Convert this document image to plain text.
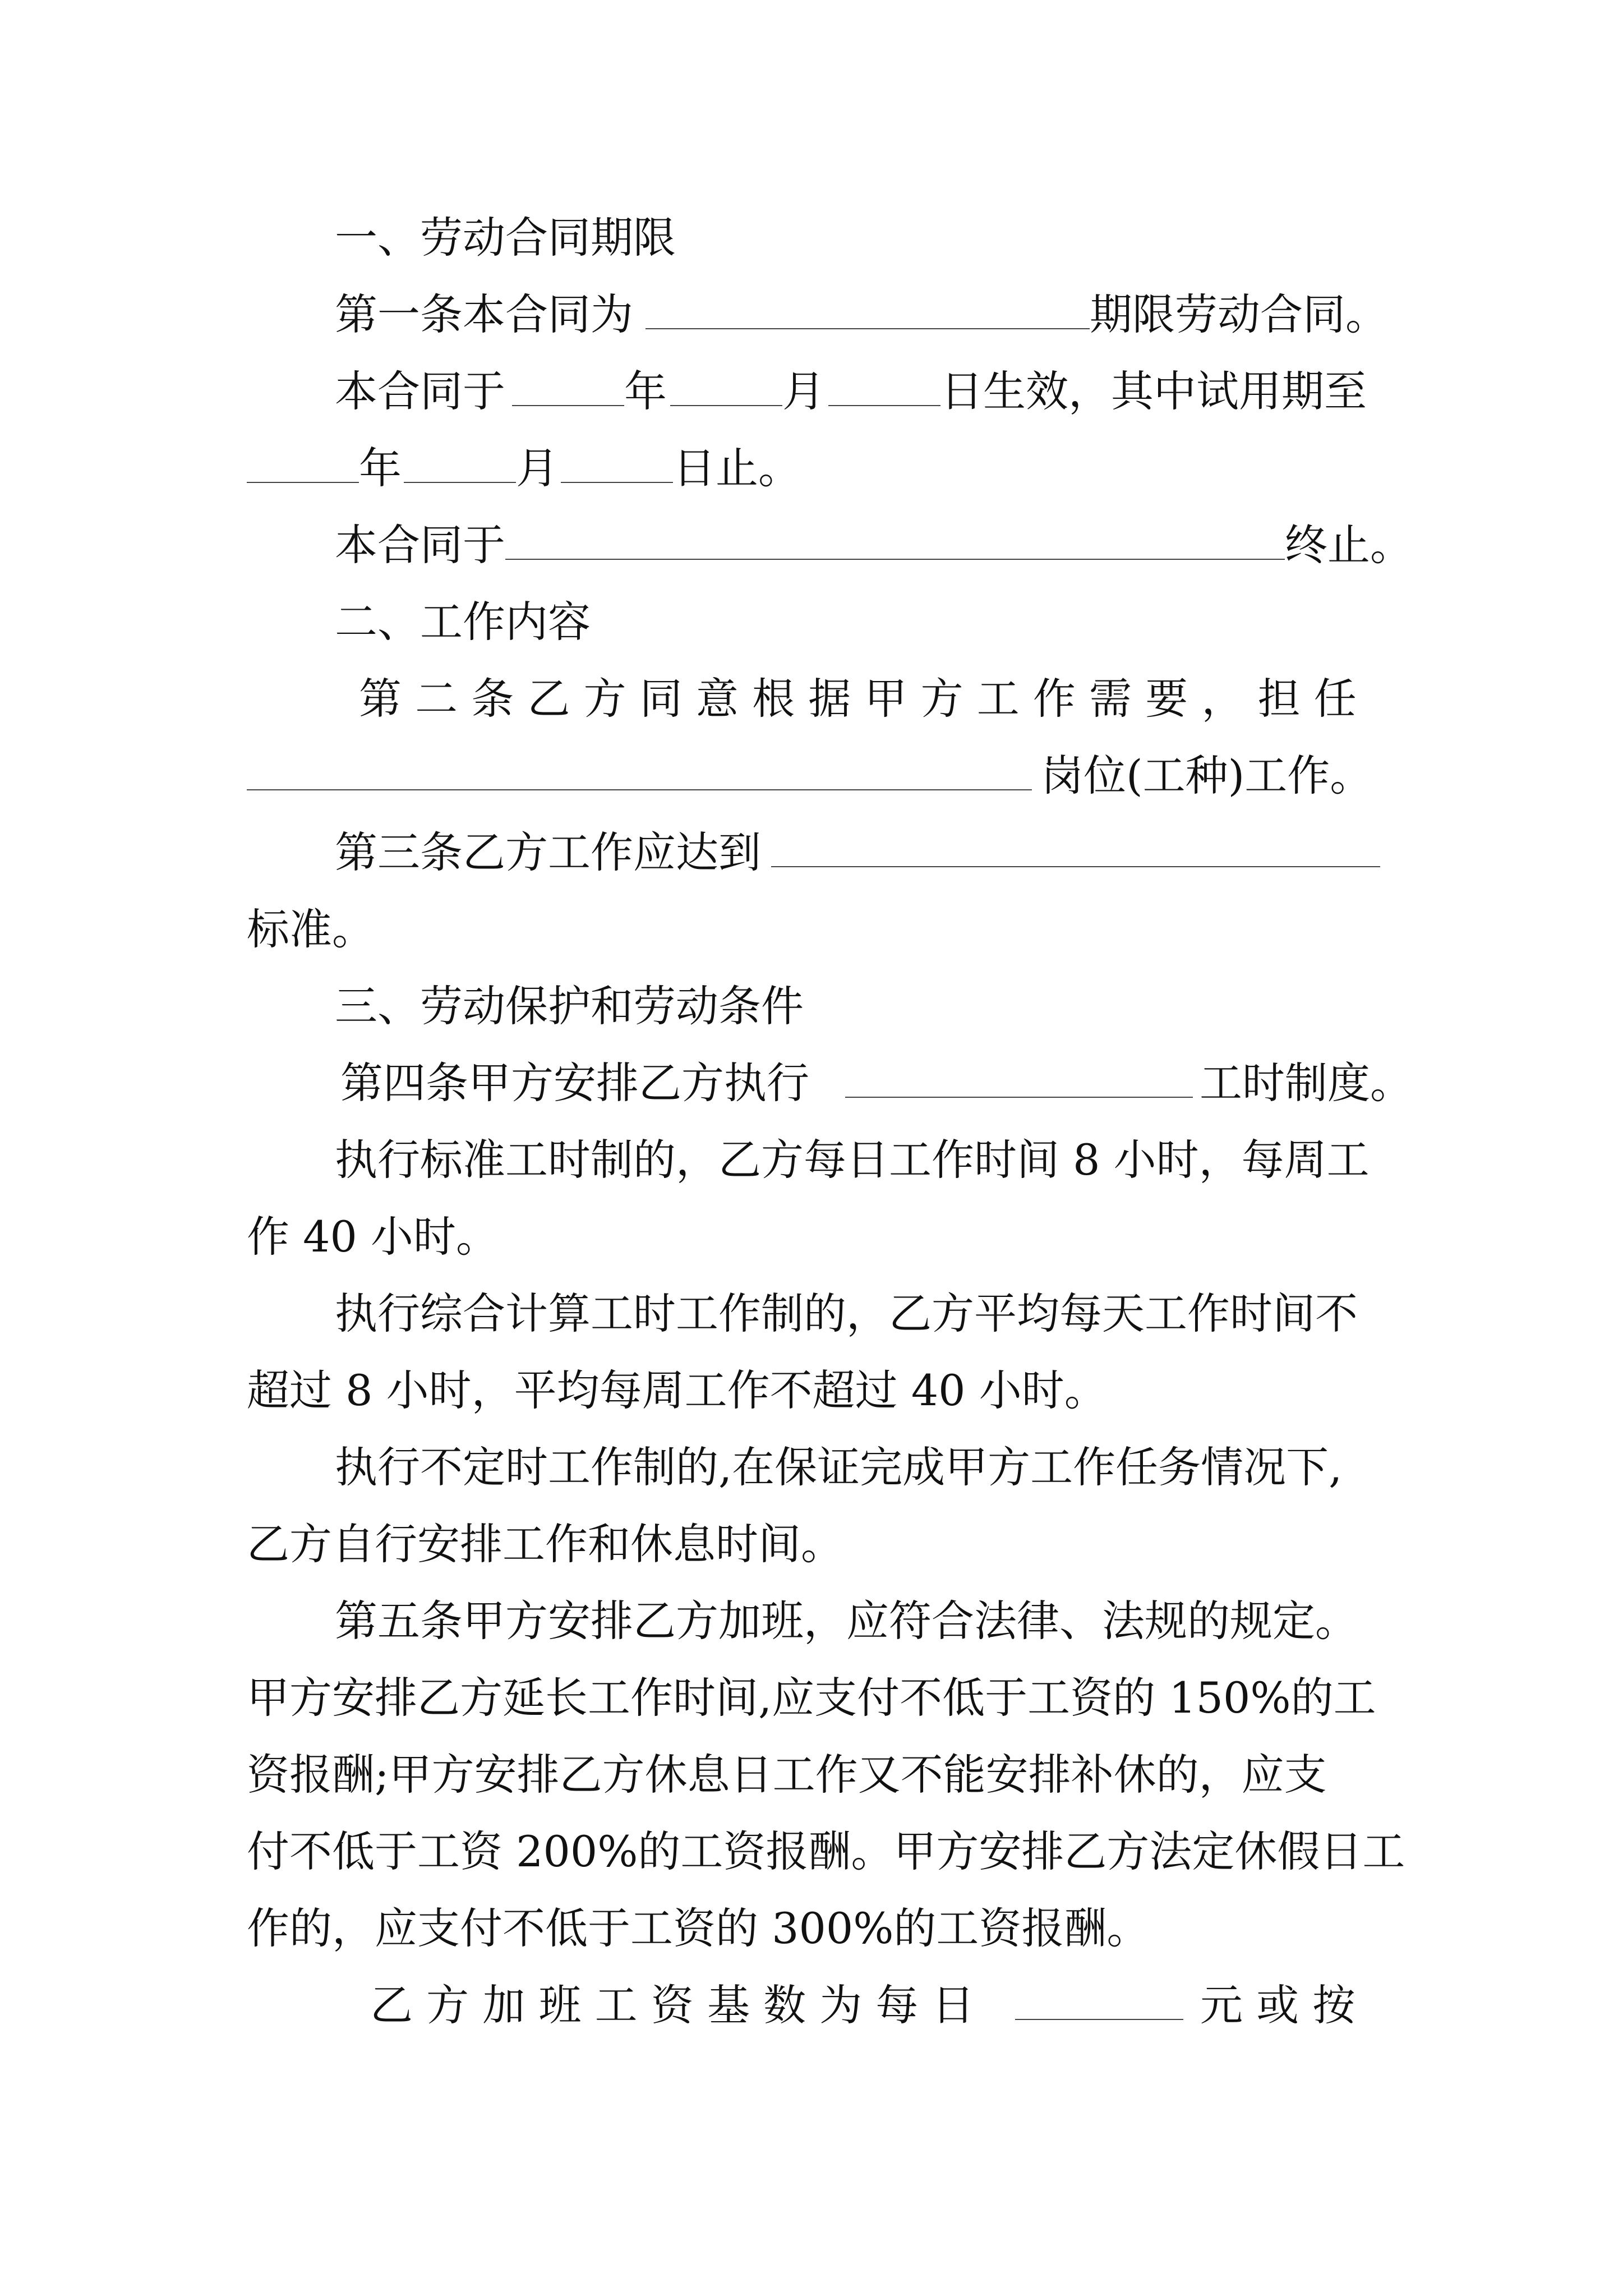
一、劳动合同期限
第一条本合同为	期限劳动合同。
本合同于	年	月	日生效，其中试用期至
年	月	日止。
本合同于	终止。
二、工作内容
第 二 条 乙 方 同 意 根 据 甲 方 工 作 需 要 ， 担 任
岗位(工种)工作。
第三条乙方工作应达到
标准。
三、劳动保护和劳动条件
第四条甲方安排乙方执行	工时制度。
执行标准工时制的，乙方每日工作时间 8 小时，每周工
作 40 小时。
执行综合计算工时工作制的，乙方平均每天工作时间不
超过 8 小时，平均每周工作不超过 40 小时。
执行不定时工作制的,在保证完成甲方工作任务情况下,
乙方自行安排工作和休息时间。
第五条甲方安排乙方加班，应符合法律、法规的规定。
甲方安排乙方延长工作时间,应支付不低于工资的 150%的工
资报酬;甲方安排乙方休息日工作又不能安排补休的，应支
付不低于工资 200%的工资报酬。甲方安排乙方法定休假日工
作的，应支付不低于工资的 300%的工资报酬。
乙 方 加 班 工 资 基 数 为 每 日	元 或 按
